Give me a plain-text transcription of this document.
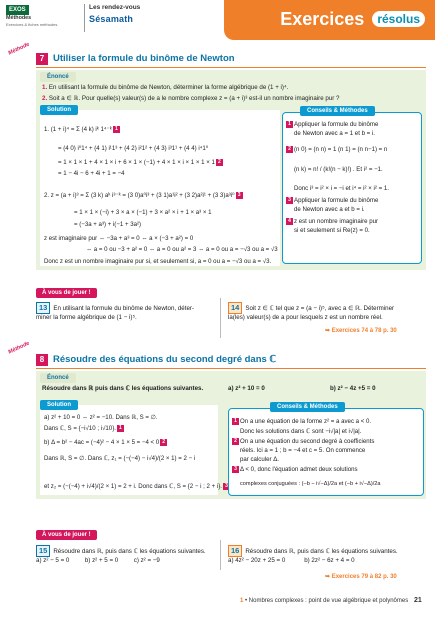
EXOS
Méthodes
Exercices & fiches méthodes
Les rendez-vous
Sésamath	Exercices résolus
Méthode
7 Utiliser la formule du binôme de Newton
Énoncé
1. En utilisant la formule du binôme de Newton, déterminer la forme algébrique de (1 + i)⁴.
2. Soit a ∈ ℝ. Pour quelle(s) valeur(s) de a le nombre complexe z = (a + i)³ est-il un nombre imaginaire pur ?
Solution
1. (1 + i)⁴ = Σ (4 k) iᵏ 1⁴⁻ᵏ 1
= (4 0) i⁰1⁴ + (4 1) i¹1³ + (4 2) i²1² + (4 3) i³1¹ + (4 4) i⁴1⁰
= 1 × 1 × 1 + 4 × 1 × i + 6 × 1 × (−1) + 4 × 1 × i × 1 × 1 × 1 2
= 1 − 4i − 6 + 4i + 1 = −4
2. z = (a + i)³ = Σ (3 k) aᵏ i³⁻ᵏ = (3 0)a⁰i³ + (3 1)a¹i² + (3 2)a²i¹ + (3 3)a³i⁰ 3
= 1 × 1 × (−i) + 3 × a × (−1) + 3 × a² × i + 1 × a³ × 1
= (−3a + a³) + i(−1 + 3a²)
z est imaginaire pur ⇔ −3a + a³ = 0 ⇔ a × (−3 + a²) = 0
⇔ a = 0 ou −3 + a² = 0 ⇔ a = 0 ou a² = 3 ⇔ a = 0 ou a = −√3 ou a = √3
Donc z est un nombre imaginaire pur si, et seulement si, a = 0 ou a = −√3 ou a = √3.
Conseils & Méthodes
1 Appliquer la formule du binôme
de Newton avec a = 1 et b = i.
2 (n 0) = (n n) = 1 (n 1) = (n n−1) = n
(n k) = n! / (k!(n − k)!) . Et i² = −1.
Donc i³ = i² × i = −i et i⁴ = i² × i² = 1.
3 Appliquer la formule du binôme
de Newton avec a et b = i.
4 z est un nombre imaginaire pur
si et seulement si Re(z) = 0.
À vous de jouer !
13 En utilisant la formule du binôme de Newton, déter-
miner la forme algébrique de (1 − i)⁵.
14 Soit z ∈ ℂ tel que z = (a − i)⁵, avec a ∈ ℝ. Déterminer
la(les) valeur(s) de a pour lesquels z est un nombre réel.
➥ Exercices 74 à 78 p. 30
Méthode
8 Résoudre des équations du second degré dans ℂ
Énoncé
Résoudre dans ℝ puis dans ℂ les équations suivantes.	a) z² + 10 = 0	b) z² − 4z +5 = 0
Solution
a) z² + 10 = 0 ⇔ z² = −10. Dans ℝ, S = ∅.
Dans ℂ, S = {−i√10 ; i√10}. 1
b) Δ = b² − 4ac = (−4)² − 4 × 1 × 5 = −4 < 0 2
Dans ℝ, S = ∅. Dans ℂ, z₁ = (−(−4) − i√4)/(2 × 1) = 2 − i
et z₂ = (−(−4) + i√4)/(2 × 1) = 2 + i. Donc dans ℂ, S = {2 − i ; 2 + i}. 3
Conseils & Méthodes
1 On a une équation de la forme z² = a avec a < 0.
Donc les solutions dans ℂ sont −i√|a| et i√|a|.
2 On a une équation du second degré à coefficients
réels. Ici a = 1 ; b = −4 et c = 5. On commence
par calculer Δ.
3 Δ < 0, donc l'équation admet deux solutions
complexes conjuguées : (−b − i√−Δ)/2a et (−b + i√−Δ)/2a
À vous de jouer !
15 Résoudre dans ℝ, puis dans ℂ les équations suivantes.
a) z² − 5 = 0 b) z² + 5 = 0 c) z² = −9
16 Résoudre dans ℝ, puis dans ℂ les équations suivantes.
a) 4z² − 20z + 25 = 0	b) 2z² − 6z + 4 = 0
➥ Exercices 79 à 82 p. 30
1 • Nombres complexes : point de vue algébrique et polynômes 21
